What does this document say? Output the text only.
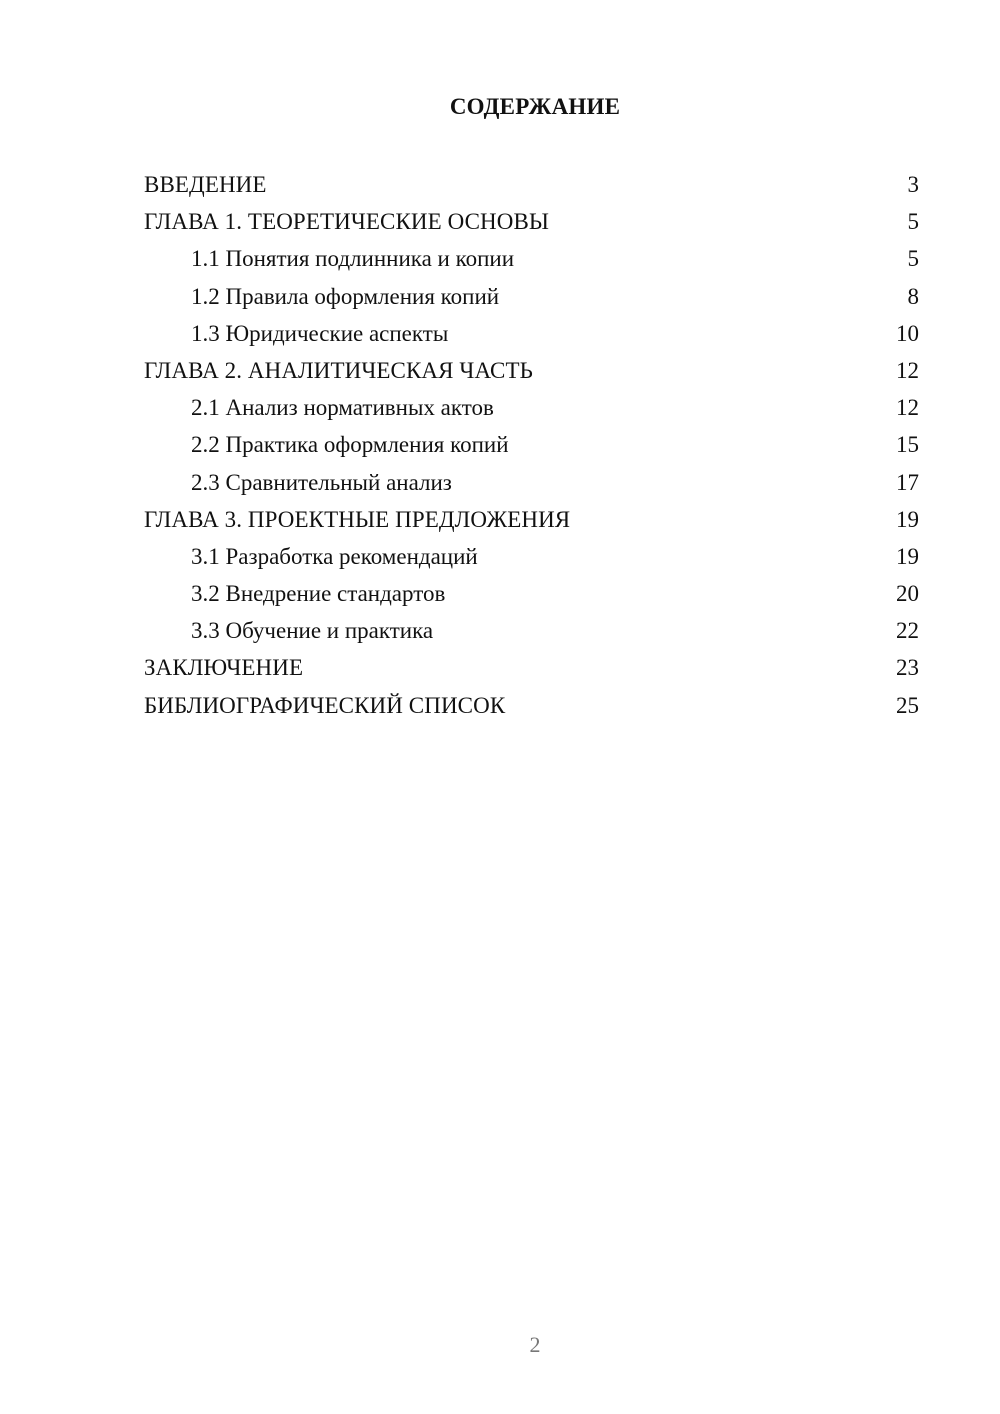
СОДЕРЖАНИЕ
ВВЕДЕНИЕ	3
ГЛАВА 1. ТЕОРЕТИЧЕСКИЕ ОСНОВЫ	5
1.1 Понятия подлинника и копии	5
1.2 Правила оформления копий	8
1.3 Юридические аспекты	10
ГЛАВА 2. АНАЛИТИЧЕСКАЯ ЧАСТЬ	12
2.1 Анализ нормативных актов	12
2.2 Практика оформления копий	15
2.3 Сравнительный анализ	17
ГЛАВА 3. ПРОЕКТНЫЕ ПРЕДЛОЖЕНИЯ	19
3.1 Разработка рекомендаций	19
3.2 Внедрение стандартов	20
3.3 Обучение и практика	22
ЗАКЛЮЧЕНИЕ	23
БИБЛИОГРАФИЧЕСКИЙ СПИСОК	25
2
